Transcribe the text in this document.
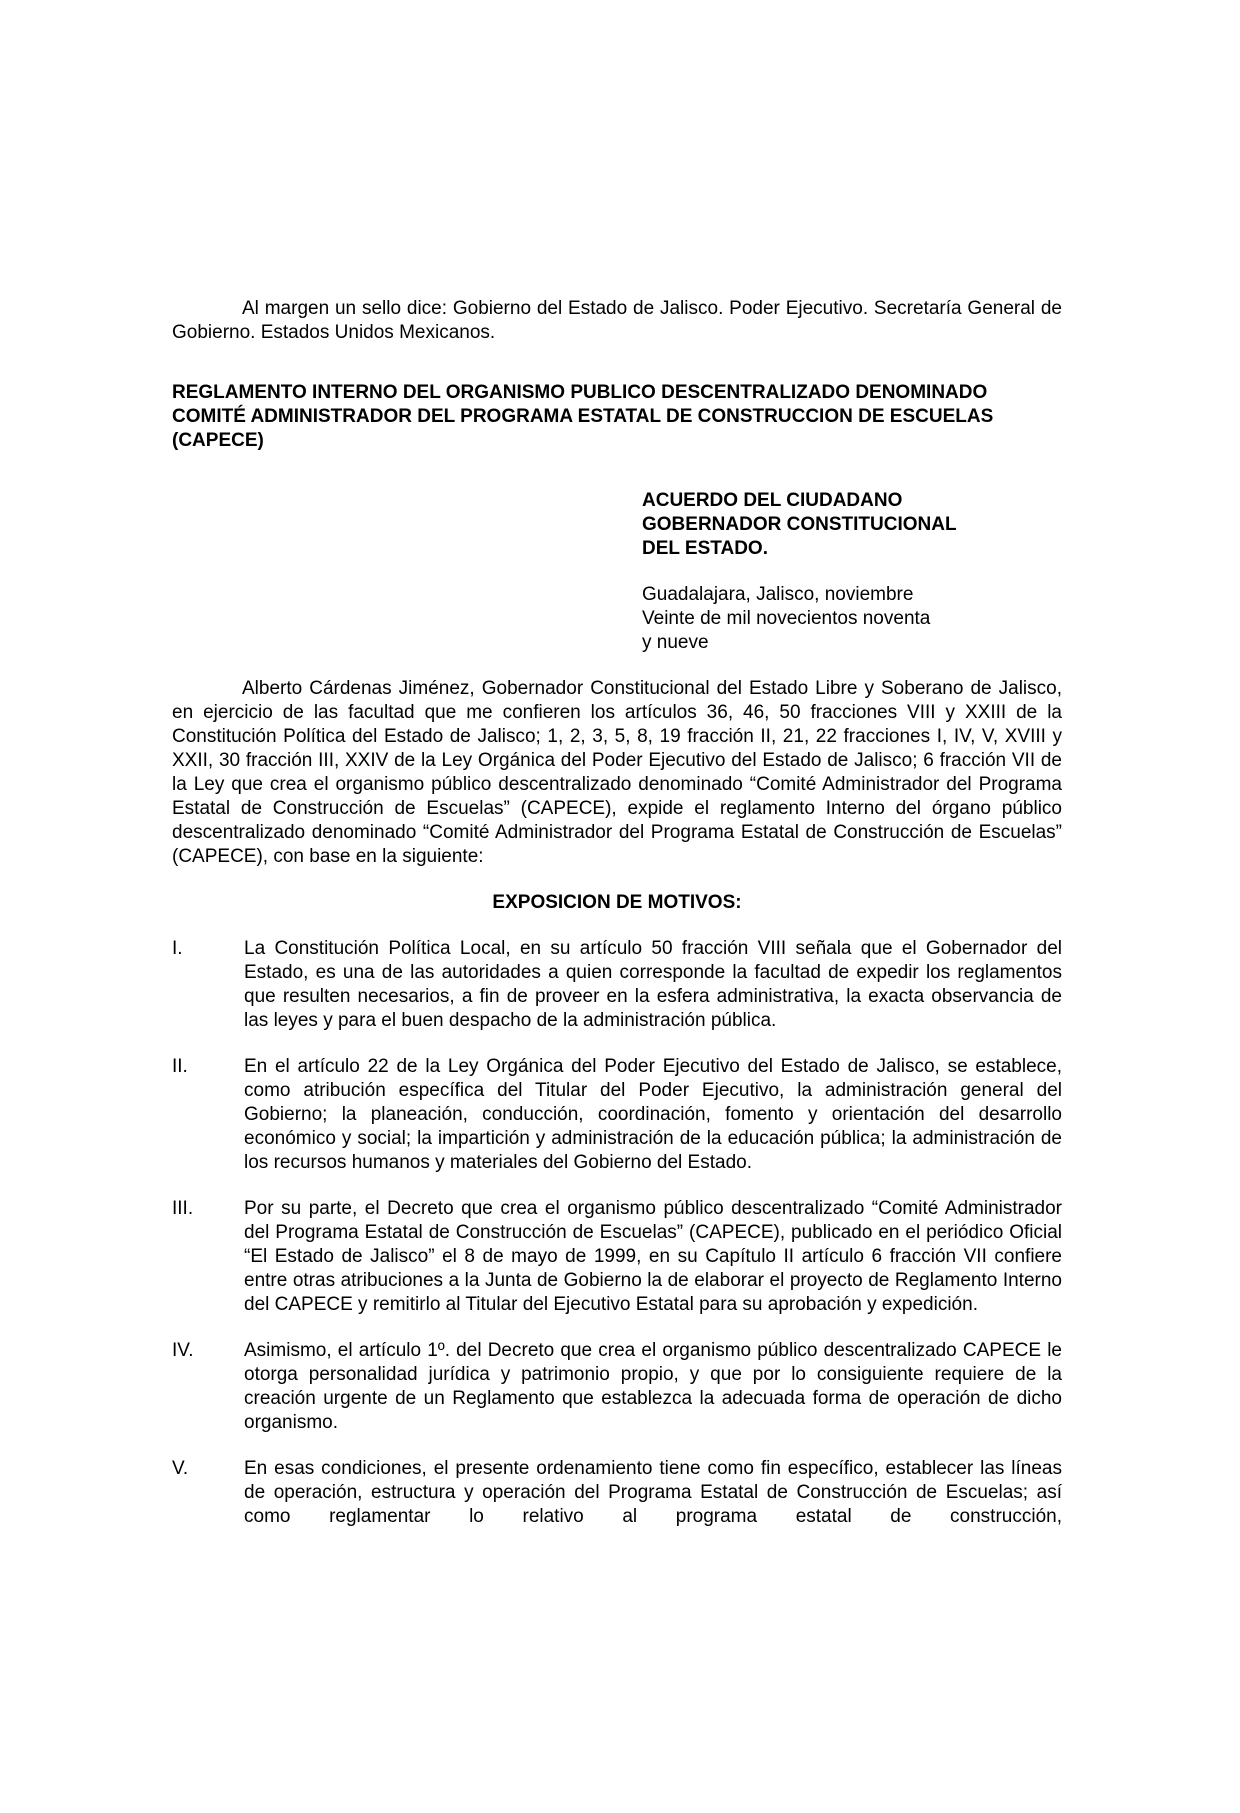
Al margen un sello dice: Gobierno del Estado de Jalisco. Poder Ejecutivo. Secretaría General de Gobierno. Estados Unidos Mexicanos.

REGLAMENTO INTERNO DEL ORGANISMO PUBLICO DESCENTRALIZADO DENOMINADO COMITÉ ADMINISTRADOR DEL PROGRAMA ESTATAL DE CONSTRUCCION DE ESCUELAS (CAPECE)

ACUERDO DEL CIUDADANO
GOBERNADOR CONSTITUCIONAL
DEL ESTADO.
Guadalajara, Jalisco, noviembre
Veinte de mil novecientos noventa
y nueve

Alberto Cárdenas Jiménez, Gobernador Constitucional del Estado Libre y Soberano de Jalisco, en ejercicio de las facultad que me confieren los artículos 36, 46, 50 fracciones VIII y XXIII de la Constitución Política del Estado de Jalisco; 1, 2, 3, 5, 8, 19 fracción II, 21, 22 fracciones I, IV, V, XVIII y XXII, 30 fracción III, XXIV de la Ley Orgánica del Poder Ejecutivo del Estado de Jalisco; 6 fracción VII de la Ley que crea el organismo público descentralizado denominado “Comité Administrador del Programa Estatal de Construcción de Escuelas” (CAPECE), expide el reglamento Interno del órgano público descentralizado denominado “Comité Administrador del Programa Estatal de Construcción de Escuelas” (CAPECE), con base en la siguiente:

EXPOSICION DE MOTIVOS:
I.	La Constitución Política Local, en su artículo 50 fracción VIII señala que el Gobernador del Estado, es una de las autoridades a quien corresponde la facultad de expedir los reglamentos que resulten necesarios, a fin de proveer en la esfera administrativa, la exacta observancia de las leyes y para el buen despacho de la administración pública.
II.	En el artículo 22 de la Ley Orgánica del Poder Ejecutivo del Estado de Jalisco, se establece, como atribución específica del Titular del Poder Ejecutivo, la administración general del Gobierno; la planeación, conducción, coordinación, fomento y orientación del desarrollo económico y social; la impartición y administración de la educación pública; la administración de los recursos humanos y materiales del Gobierno del Estado.
III.	Por su parte, el Decreto que crea el organismo público descentralizado “Comité Administrador del Programa Estatal de Construcción de Escuelas” (CAPECE), publicado en el periódico Oficial “El Estado de Jalisco” el 8 de mayo de 1999, en su Capítulo II artículo 6 fracción VII confiere entre otras atribuciones a la Junta de Gobierno la de elaborar el proyecto de Reglamento Interno del CAPECE y remitirlo al Titular del Ejecutivo Estatal para su aprobación y expedición.
IV.	Asimismo, el artículo 1º. del Decreto que crea el organismo público descentralizado CAPECE le otorga personalidad jurídica y patrimonio propio, y que por lo consiguiente requiere de la creación urgente de un Reglamento que establezca la adecuada forma de operación de dicho organismo.
V.	En esas condiciones, el presente ordenamiento tiene como fin específico, establecer las líneas de operación, estructura y operación del Programa Estatal de Construcción de Escuelas; así como reglamentar lo relativo al programa estatal de construcción,
